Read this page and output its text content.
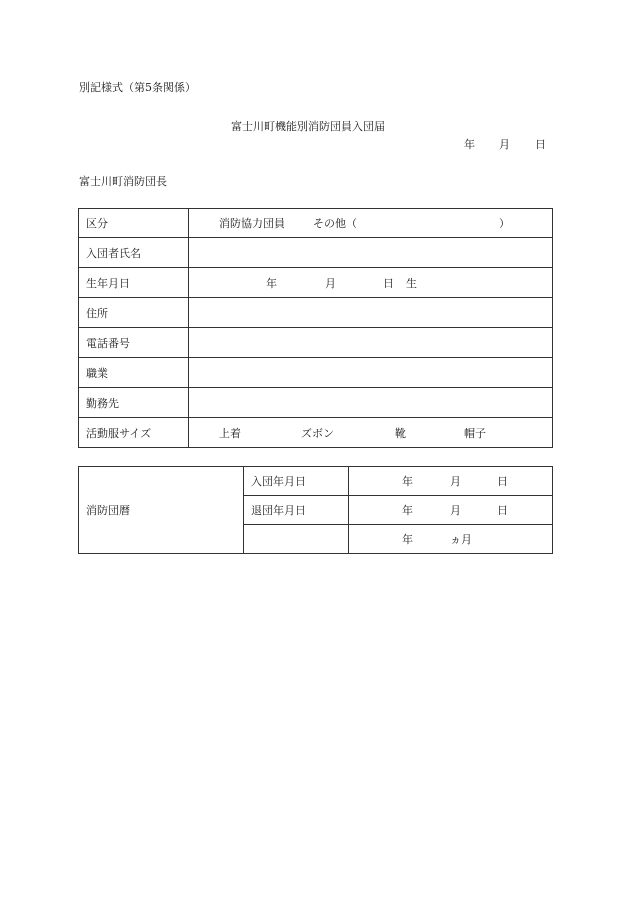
別記様式（第5条関係）
富士川町機能別消防団員入団届
年 月 日
富士川町消防団長
区分	消防協力団員 その他（ ）

入団者氏名	
生年月日	年 月 日 生

住所	
電話番号	
職業	
勤務先	
活動服サイズ	上着 ズボン 靴 帽子
消防団暦	入団年月日	年 月 日

	退団年月日	年 月 日

		年 ヵ月
